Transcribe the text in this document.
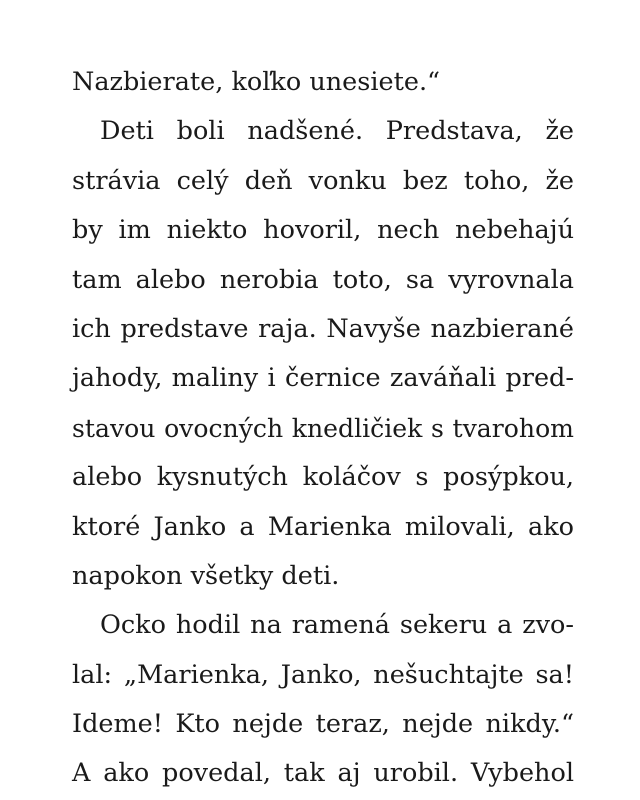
Nazbierate, koľko unesiete.“
Deti boli nadšené. Predstava, že
strávia celý deň vonku bez toho, že
by im niekto hovoril, nech nebehajú
tam alebo nerobia toto, sa vyrovnala
ich predstave raja. Navyše nazbierané
jahody, maliny i černice zaváňali pred-
stavou ovocných knedličiek s tvarohom
alebo kysnutých koláčov s posýpkou,
ktoré Janko a Marienka milovali, ako
napokon všetky deti.
Ocko hodil na ramená sekeru a zvo-
lal: „Marienka, Janko, nešuchtajte sa!
Ideme! Kto nejde teraz, nejde nikdy.“
A ako povedal, tak aj urobil. Vybehol
